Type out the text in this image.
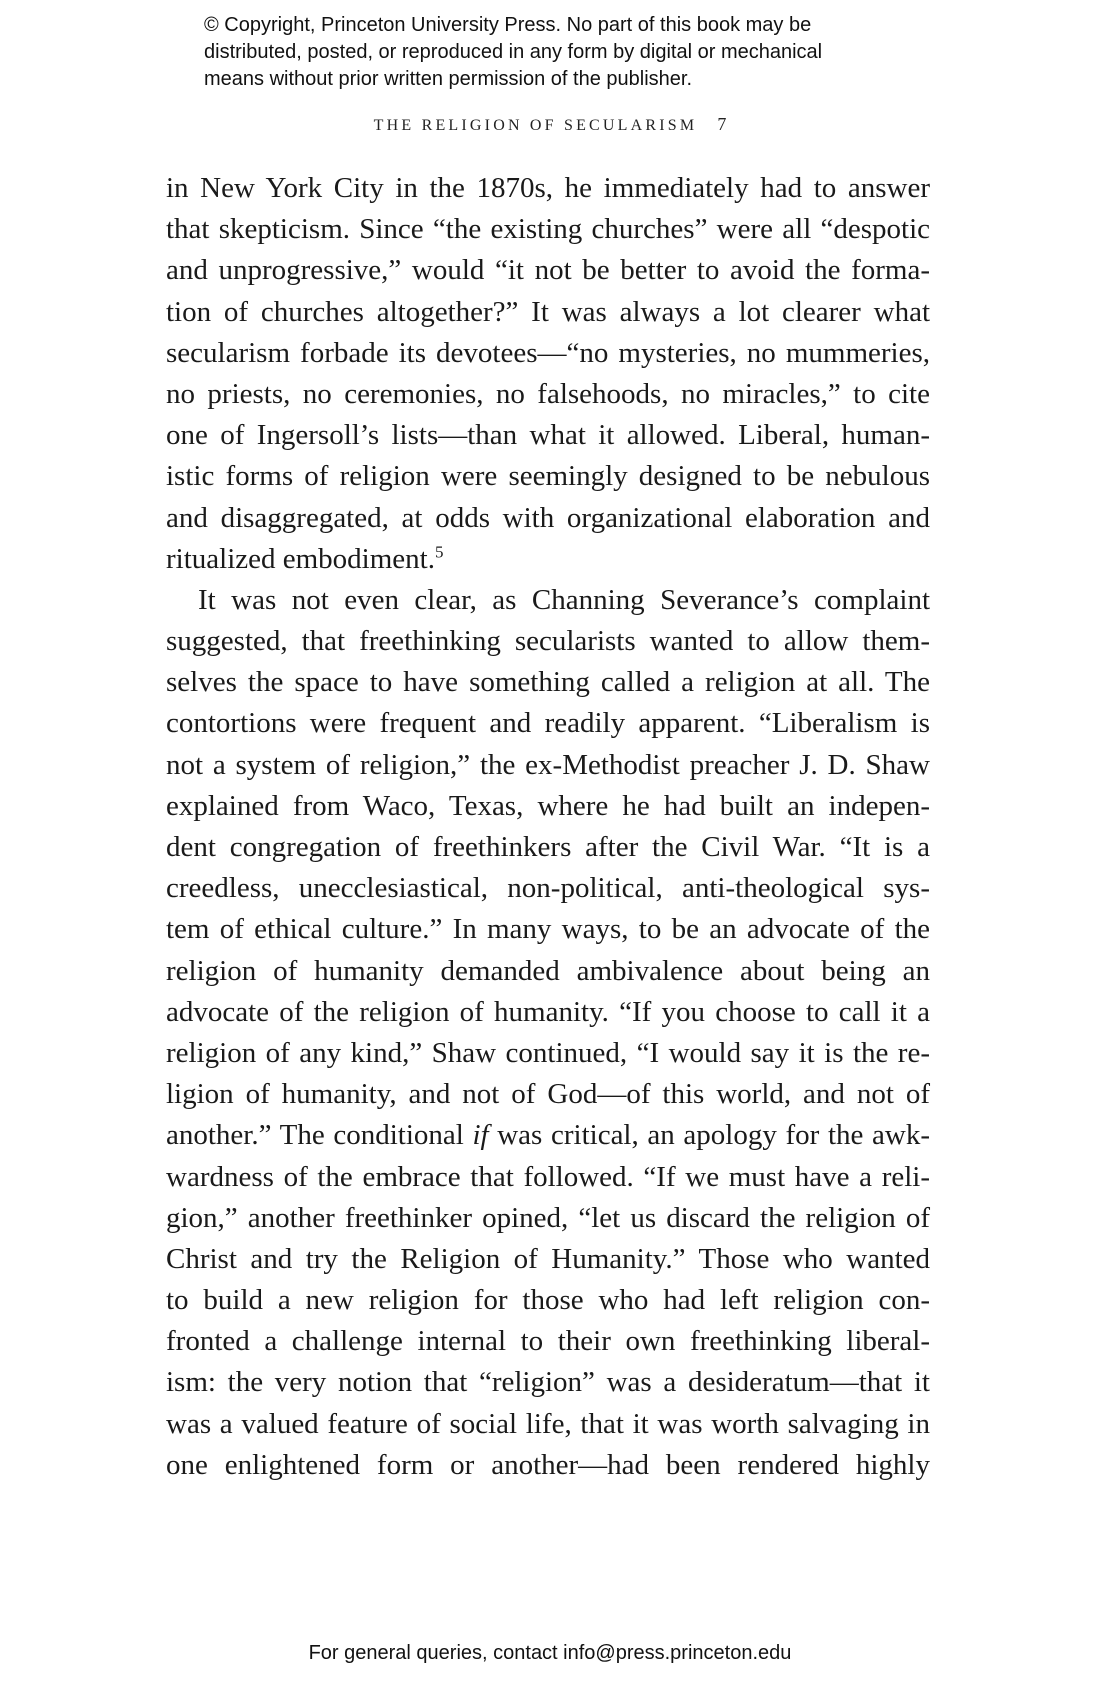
© Copyright, Princeton University Press. No part of this book may be
distributed, posted, or reproduced in any form by digital or mechanical
means without prior written permission of the publisher.
THE RELIGION OF SECULARISM 7
in New York City in the 1870s, he immediately had to answer
that skepticism. Since “the existing churches” were all “despotic
and unprogressive,” would “it not be better to avoid the forma-
tion of churches altogether?” It was always a lot clearer what
secularism forbade its devotees—“no mysteries, no mummeries,
no priests, no ceremonies, no falsehoods, no miracles,” to cite
one of Ingersoll’s lists—than what it allowed. Liberal, human-
istic forms of religion were seemingly designed to be nebulous
and disaggregated, at odds with organizational elaboration and
ritualized embodiment.$^5$
It was not even clear, as Channing Severance’s complaint
suggested, that freethinking secularists wanted to allow them-
selves the space to have something called a religion at all. The
contortions were frequent and readily apparent. “Liberalism is
not a system of religion,” the ex-Methodist preacher J. D. Shaw
explained from Waco, Texas, where he had built an indepen-
dent congregation of freethinkers after the Civil War. “It is a
creedless, unecclesiastical, non-political, anti-theological sys-
tem of ethical culture.” In many ways, to be an advocate of the
religion of humanity demanded ambivalence about being an
advocate of the religion of humanity. “If you choose to call it a
religion of any kind,” Shaw continued, “I would say it is the re-
ligion of humanity, and not of God—of this world, and not of
another.” The conditional if was critical, an apology for the awk-
wardness of the embrace that followed. “If we must have a reli-
gion,” another freethinker opined, “let us discard the religion of
Christ and try the Religion of Humanity.” Those who wanted
to build a new religion for those who had left religion con-
fronted a challenge internal to their own freethinking liberal-
ism: the very notion that “religion” was a desideratum—that it
was a valued feature of social life, that it was worth salvaging in
one enlightened form or another—had been rendered highly
For general queries, contact info@press.princeton.edu
